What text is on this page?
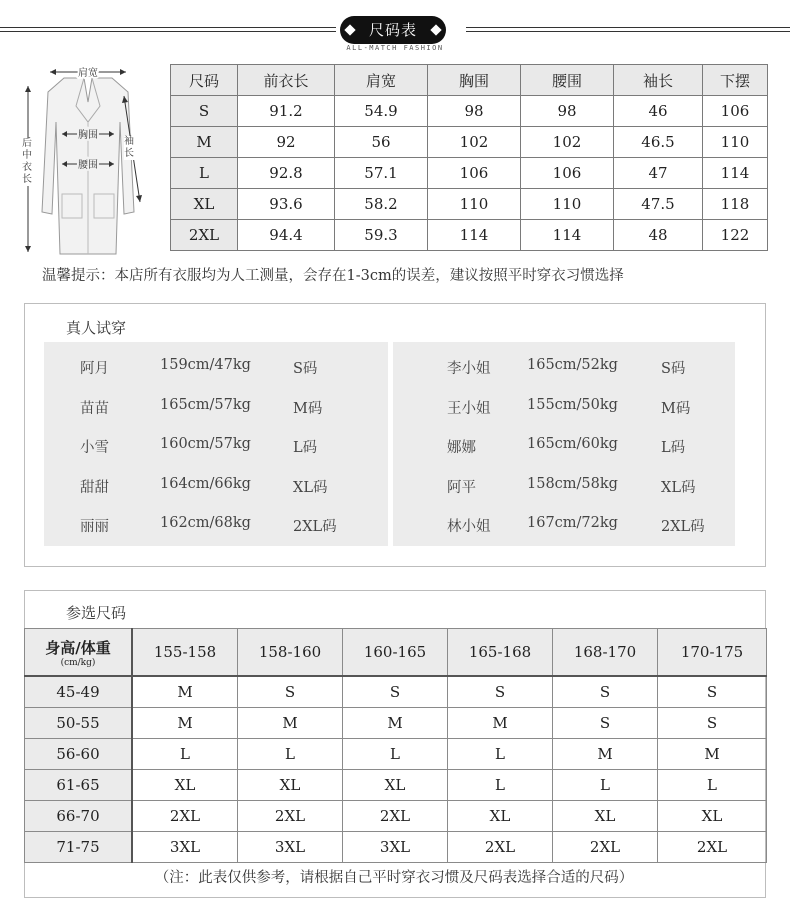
尺码表
ALL-MATCH FASHION
肩宽
胸围
腰围
后中衣长
袖长
尺码	前衣长	肩宽	胸围	腰围	袖长	下摆
S	91.2	54.9	98	98	46	106
M	92	56	102	102	46.5	110
L	92.8	57.1	106	106	47	114
XL	93.6	58.2	110	110	47.5	118
2XL	94.4	59.3	114	114	48	122
温馨提示：本店所有衣服均为人工测量，会存在1-3cm的误差，建议按照平时穿衣习惯选择
真人试穿
阿月	159cm/47kg	S码
苗苗	165cm/57kg	M码
小雪	160cm/57kg	L码
甜甜	164cm/66kg	XL码
丽丽	162cm/68kg	2XL码
李小姐	165cm/52kg	S码
王小姐	155cm/50kg	M码
娜娜	165cm/60kg	L码
阿平	158cm/58kg	XL码
林小姐	167cm/72kg	2XL码
参选尺码
身高/体重
(cm/kg)	155-158	158-160	160-165	165-168	168-170	170-175
45-49	M	S	S	S	S	S
50-55	M	M	M	M	S	S
56-60	L	L	L	L	M	M
61-65	XL	XL	XL	L	L	L
66-70	2XL	2XL	2XL	XL	XL	XL
71-75	3XL	3XL	3XL	2XL	2XL	2XL
（注：此表仅供参考，请根据自己平时穿衣习惯及尺码表选择合适的尺码）
